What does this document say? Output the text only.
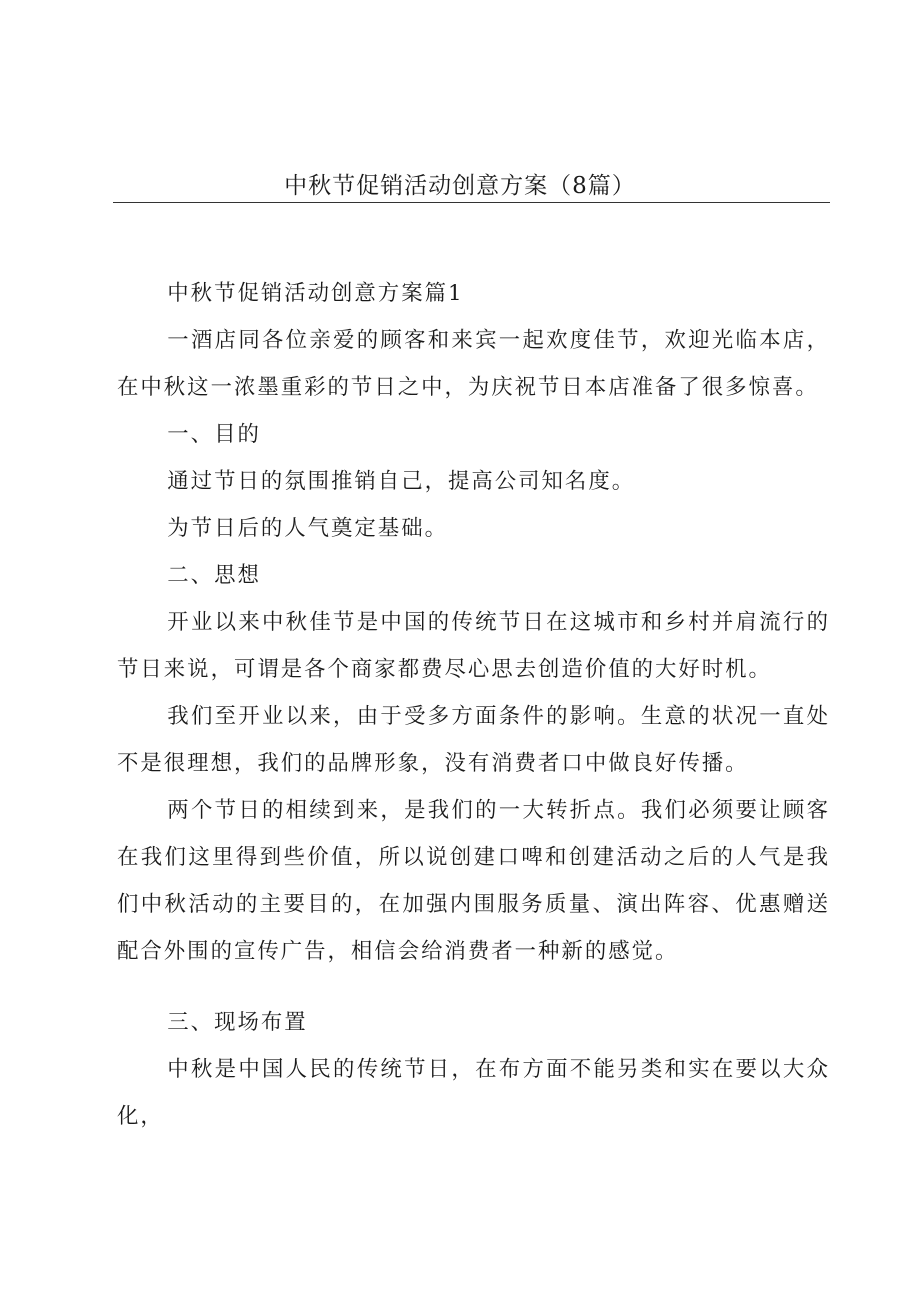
中秋节促销活动创意方案（8篇）

中秋节促销活动创意方案篇1

一酒店同各位亲爱的顾客和来宾一起欢度佳节，欢迎光临本店，在中秋这一浓墨重彩的节日之中，为庆祝节日本店准备了很多惊喜。

一、目的

通过节日的氛围推销自己，提高公司知名度。

为节日后的人气奠定基础。

二、思想

开业以来中秋佳节是中国的传统节日在这城市和乡村并肩流行的节日来说，可谓是各个商家都费尽心思去创造价值的大好时机。

我们至开业以来，由于受多方面条件的影响。生意的状况一直处不是很理想，我们的品牌形象，没有消费者口中做良好传播。

两个节日的相续到来，是我们的一大转折点。我们必须要让顾客在我们这里得到些价值，所以说创建口啤和创建活动之后的人气是我们中秋活动的主要目的，在加强内围服务质量、演出阵容、优惠赠送配合外围的宣传广告，相信会给消费者一种新的感觉。

三、现场布置

中秋是中国人民的传统节日，在布方面不能另类和实在要以大众化，
